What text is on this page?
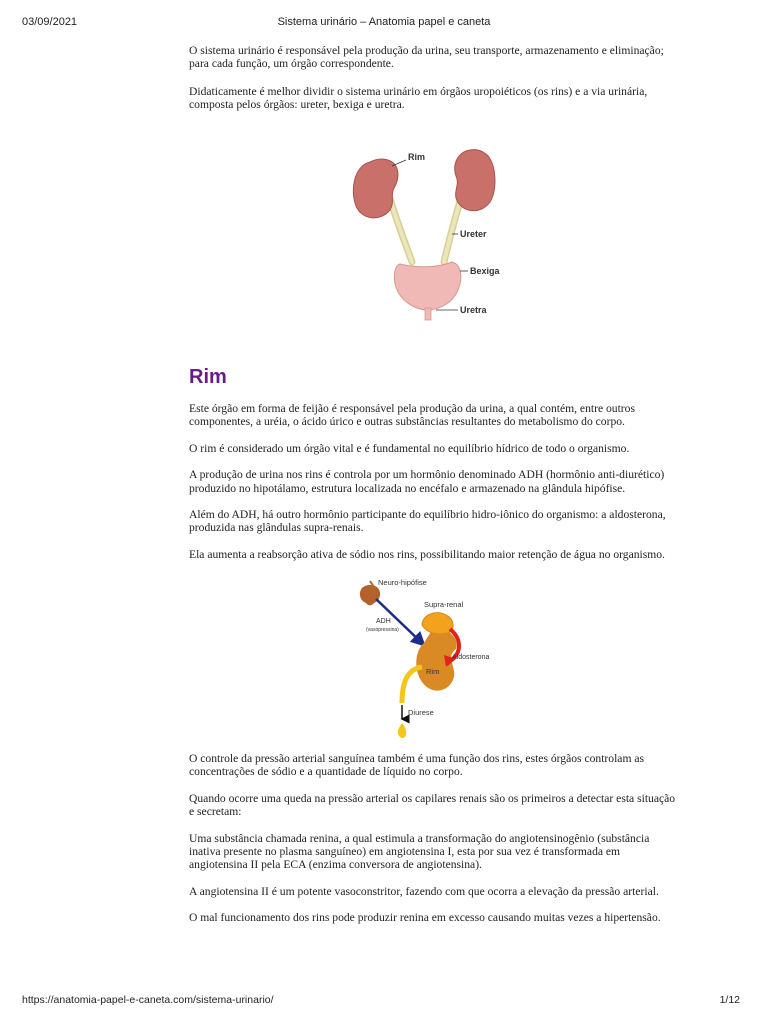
03/09/2021	Sistema urinário – Anatomia papel e caneta

O sistema urinário é responsável pela produção da urina, seu transporte, armazenamento e eliminação; para cada função, um órgão correspondente.

Didaticamente é melhor dividir o sistema urinário em órgãos uropoiéticos (os rins) e a via urinária, composta pelos órgãos: ureter, bexiga e uretra.

Rim
Ureter
Bexiga
Uretra
Rim

Este órgão em forma de feijão é responsável pela produção da urina, a qual contém, entre outros componentes, a uréia, o ácido úrico e outras substâncias resultantes do metabolismo do corpo.

O rim é considerado um órgão vital e é fundamental no equilíbrio hídrico de todo o organismo.

A produção de urina nos rins é controla por um hormônio denominado ADH (hormônio anti-diurético) produzido no hipotálamo, estrutura localizada no encéfalo e armazenado na glândula hipófise.

Além do ADH, há outro hormônio participante do equilíbrio hidro-iônico do organismo: a aldosterona, produzida nas glândulas supra-renais.

Ela aumenta a reabsorção ativa de sódio nos rins, possibilitando maior retenção de água no organismo.

Neuro-hipófise
ADH
(vasopressina)
Supra-renal
Aldosterona
Rim
Diurese

O controle da pressão arterial sanguínea também é uma função dos rins, estes órgãos controlam as concentrações de sódio e a quantidade de líquido no corpo.

Quando ocorre uma queda na pressão arterial os capilares renais são os primeiros a detectar esta situação e secretam:

Uma substância chamada renina, a qual estimula a transformação do angiotensinogênio (substância inativa presente no plasma sanguíneo) em angiotensina I, esta por sua vez é transformada em angiotensina II pela ECA (enzima conversora de angiotensina).

A angiotensina II é um potente vasoconstritor, fazendo com que ocorra a elevação da pressão arterial.

O mal funcionamento dos rins pode produzir renina em excesso causando muitas vezes a hipertensão.

https://anatomia-papel-e-caneta.com/sistema-urinario/	1/12
